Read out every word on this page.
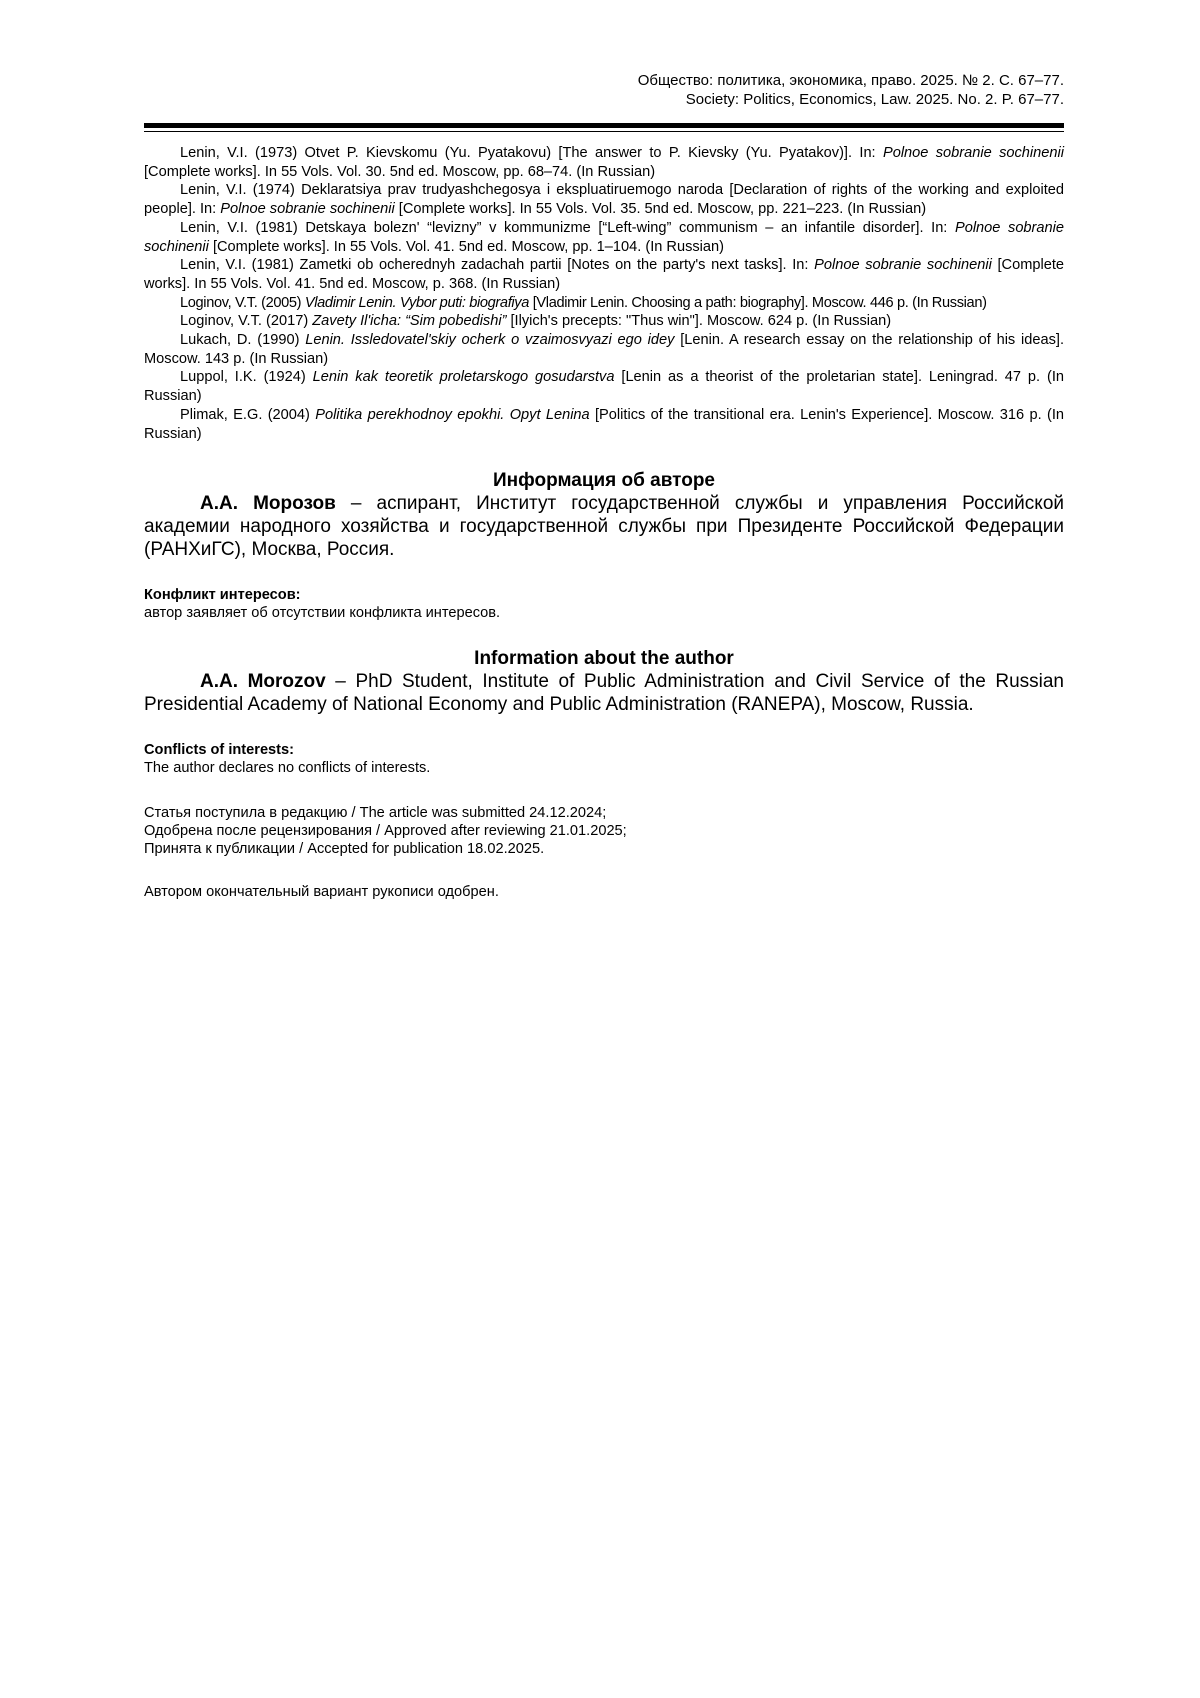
Общество: политика, экономика, право. 2025. № 2. С. 67–77.
Society: Politics, Economics, Law. 2025. No. 2. P. 67–77.

Lenin, V.I. (1973) Otvet P. Kievskomu (Yu. Pyatakovu) [The answer to P. Kievsky (Yu. Pyatakov)]. In: Polnoe sobranie sochinenii [Complete works]. In 55 Vols. Vol. 30. 5nd ed. Moscow, pp. 68–74. (In Russian)

Lenin, V.I. (1974) Deklaratsiya prav trudyashchegosya i ekspluatiruemogo naroda [Declaration of rights of the working and exploited people]. In: Polnoe sobranie sochinenii [Complete works]. In 55 Vols. Vol. 35. 5nd ed. Moscow, pp. 221–223. (In Russian)

Lenin, V.I. (1981) Detskaya bolezn' “levizny” v kommunizme [“Left-wing” communism – an infantile disorder]. In: Polnoe sobranie sochinenii [Complete works]. In 55 Vols. Vol. 41. 5nd ed. Moscow, pp. 1–104. (In Russian)

Lenin, V.I. (1981) Zametki ob ocherednyh zadachah partii [Notes on the party's next tasks]. In: Polnoe sobranie sochinenii [Complete works]. In 55 Vols. Vol. 41. 5nd ed. Moscow, p. 368. (In Russian)

Loginov, V.T. (2005) Vladimir Lenin. Vybor puti: biografiya [Vladimir Lenin. Choosing a path: biography]. Moscow. 446 p. (In Russian)

Loginov, V.T. (2017) Zavety Il'icha: “Sim pobedishi” [Ilyich's precepts: "Thus win"]. Moscow. 624 p. (In Russian)

Lukach, D. (1990) Lenin. Issledovatel'skiy ocherk o vzaimosvyazi ego idey [Lenin. A research essay on the relationship of his ideas]. Moscow. 143 p. (In Russian)

Luppol, I.K. (1924) Lenin kak teoretik proletarskogo gosudarstva [Lenin as a theorist of the proletarian state]. Leningrad. 47 p. (In Russian)

Plimak, E.G. (2004) Politika perekhodnoy epokhi. Opyt Lenina [Politics of the transitional era. Lenin's Experience]. Moscow. 316 p. (In Russian)

Информация об авторе

А.А. Морозов – аспирант, Институт государственной службы и управления Российской академии народного хозяйства и государственной службы при Президенте Российской Федерации (РАНХиГС), Москва, Россия.

Конфликт интересов:

автор заявляет об отсутствии конфликта интересов.

Information about the author

A.A. Morozov – PhD Student, Institute of Public Administration and Civil Service of the Russian Presidential Academy of National Economy and Public Administration (RANEPA), Moscow, Russia.

Conflicts of interests:

The author declares no conflicts of interests.

Статья поступила в редакцию / The article was submitted 24.12.2024;

Одобрена после рецензирования / Approved after reviewing 21.01.2025;

Принята к публикации / Accepted for publication 18.02.2025.

Автором окончательный вариант рукописи одобрен.
